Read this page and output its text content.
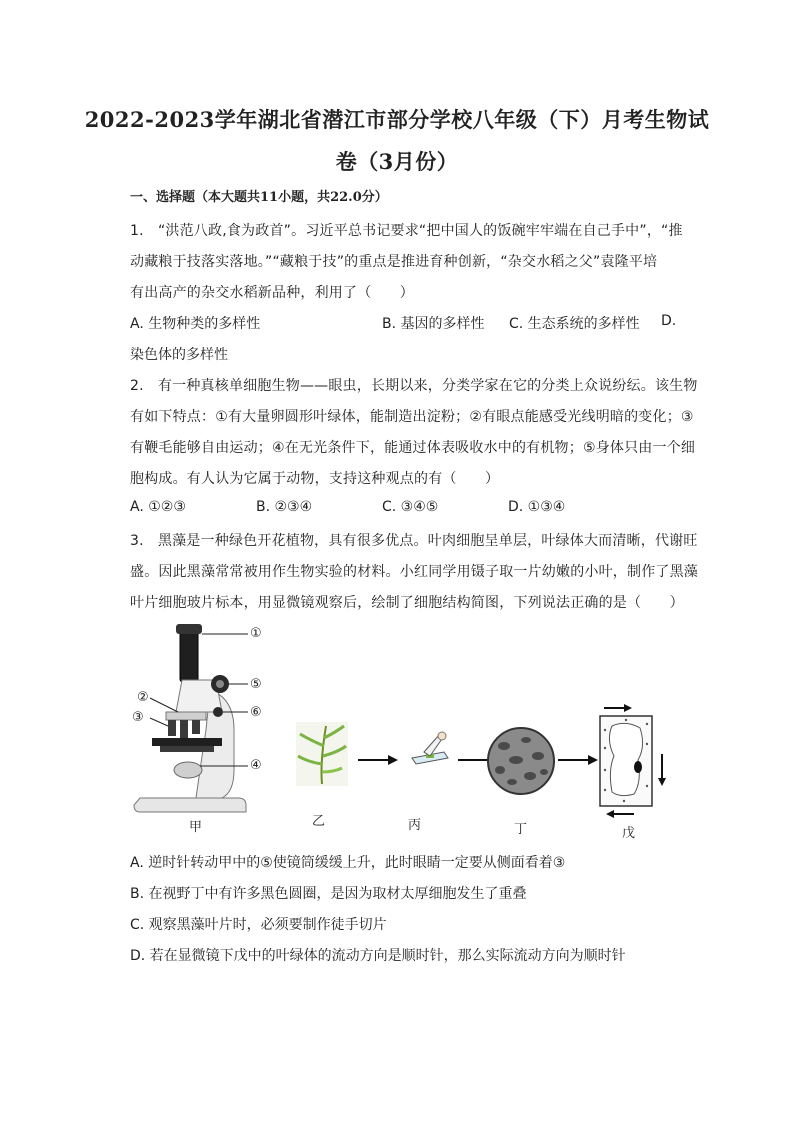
2022-2023学年湖北省潜江市部分学校八年级（下）月考生物试
卷（3月份）
一、选择题（本大题共11小题，共22.0分）
1.　“洪范八政,食为政首”。习近平总书记要求“把中国人的饭碗牢牢端在自己手中”，“推
动藏粮于技落实落地。”“藏粮于技”的重点是推进育种创新，“杂交水稻之父”袁隆平培
有出高产的杂交水稻新品种，利用了（　　）
A. 生物种类的多样性	B. 基因的多样性 C. 生态系统的多样性 D.
染色体的多样性
2.　有一种真核单细胞生物——眼虫，长期以来，分类学家在它的分类上众说纷纭。该生物
有如下特点：①有大量卵圆形叶绿体，能制造出淀粉；②有眼点能感受光线明暗的变化；③
有鞭毛能够自由运动；④在无光条件下，能通过体表吸收水中的有机物；⑤身体只由一个细
胞构成。有人认为它属于动物，支持这种观点的有（　　）
A. ①②③	B. ②③④	C. ③④⑤	D. ①③④
3.　黑藻是一种绿色开花植物，具有很多优点。叶肉细胞呈单层，叶绿体大而清晰，代谢旺
盛。因此黑藻常常被用作生物实验的材料。小红同学用镊子取一片幼嫩的小叶，制作了黑藻
叶片细胞玻片标本，用显微镜观察后，绘制了细胞结构简图，下列说法正确的是（　　）
①
②
③
④
⑤
⑥
甲	乙	丙	丁	戊
A. 逆时针转动甲中的⑤使镜筒缓缓上升，此时眼睛一定要从侧面看着③
B. 在视野丁中有许多黑色圆圈，是因为取材太厚细胞发生了重叠
C. 观察黑藻叶片时，必须要制作徒手切片
D. 若在显微镜下戊中的叶绿体的流动方向是顺时针，那么实际流动方向为顺时针
